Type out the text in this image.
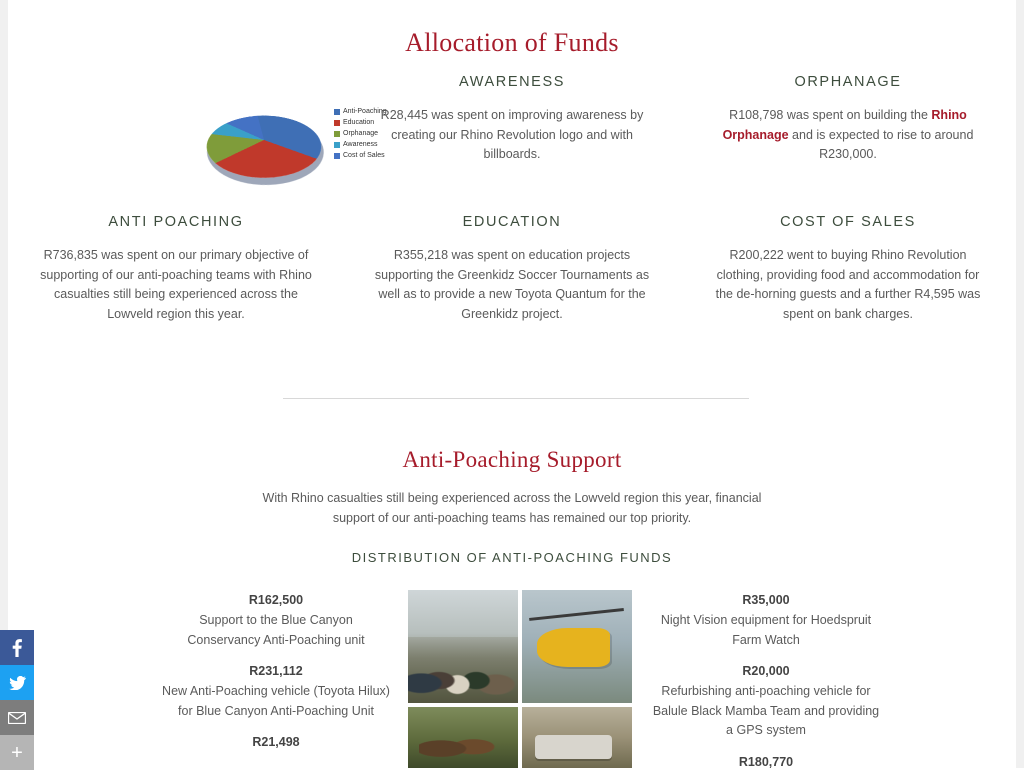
Allocation of Funds
Anti-Poaching
Education
Orphanage
Awareness
Cost of Sales
AWARENESS
R28,445 was spent on improving awareness by creating our Rhino Revolution logo and with billboards.
ORPHANAGE
R108,798 was spent on building the Rhino Orphanage and is expected to rise to around R230,000.
ANTI POACHING
R736,835 was spent on our primary objective of supporting of our anti-poaching teams with Rhino casualties still being experienced across the Lowveld region this year.
EDUCATION
R355,218 was spent on education projects supporting the Greenkidz Soccer Tournaments as well as to provide a new Toyota Quantum for the Greenkidz project.
COST OF SALES
R200,222 went to buying Rhino Revolution clothing, providing food and accommodation for the de-horning guests and a further R4,595 was spent on bank charges.
Anti-Poaching Support
With Rhino casualties still being experienced across the Lowveld region this year, financial support of our anti-poaching teams has remained our top priority.
DISTRIBUTION OF ANTI-POACHING FUNDS
R162,500
Support to the Blue Canyon Conservancy Anti-Poaching unit
R231,112
New Anti-Poaching vehicle (Toyota Hilux) for Blue Canyon Anti-Poaching Unit
R21,498
R35,000
Night Vision equipment for Hoedspruit Farm Watch
R20,000
Refurbishing anti-poaching vehicle for Balule Black Mamba Team and providing a GPS system
R180,770
+
